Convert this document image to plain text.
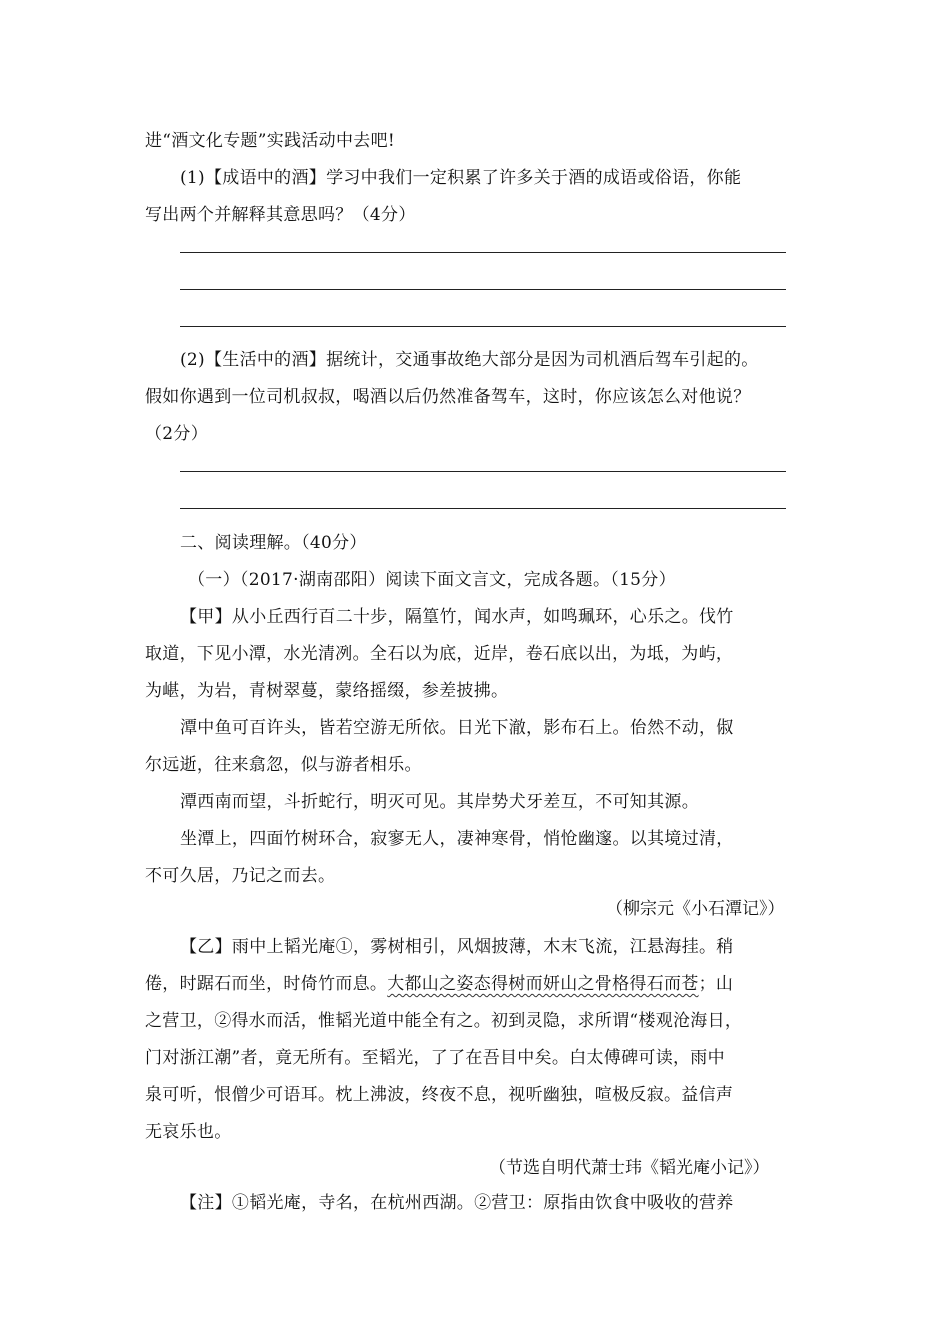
进“酒文化专题”实践活动中去吧!
(1)【成语中的酒】学习中我们一定积累了许多关于酒的成语或俗语，你能
写出两个并解释其意思吗？（4分）
(2)【生活中的酒】据统计，交通事故绝大部分是因为司机酒后驾车引起的。
假如你遇到一位司机叔叔，喝酒以后仍然准备驾车，这时，你应该怎么对他说？
（2分）
二、阅读理解。（40分）
（一）（2017·湖南邵阳）阅读下面文言文，完成各题。（15分）
【甲】从小丘西行百二十步，隔篁竹，闻水声，如鸣珮环，心乐之。伐竹
取道，下见小潭，水光清冽。全石以为底，近岸，卷石底以出，为坻，为屿，
为嵁，为岩，青树翠蔓，蒙络摇缀，参差披拂。
潭中鱼可百许头，皆若空游无所依。日光下澈，影布石上。佁然不动，俶
尔远逝，往来翕忽，似与游者相乐。
潭西南而望，斗折蛇行，明灭可见。其岸势犬牙差互，不可知其源。
坐潭上，四面竹树环合，寂寥无人，凄神寒骨，悄怆幽邃。以其境过清，
不可久居，乃记之而去。
（柳宗元《小石潭记》）
【乙】雨中上韬光庵①，雾树相引，风烟披薄，木末飞流，江悬海挂。稍
倦，时踞石而坐，时倚竹而息。大都山之姿态得树而妍山之骨格得石而苍；山
之营卫，②得水而活，惟韬光道中能全有之。初到灵隐，求所谓“楼观沧海日，
门对浙江潮”者，竟无所有。至韬光，了了在吾目中矣。白太傅碑可读，雨中
泉可听，恨僧少可语耳。枕上沸波，终夜不息，视听幽独，喧极反寂。益信声
无哀乐也。
（节选自明代萧士玮《韬光庵小记》）
【注】①韬光庵，寺名，在杭州西湖。②营卫：原指由饮食中吸收的营养
